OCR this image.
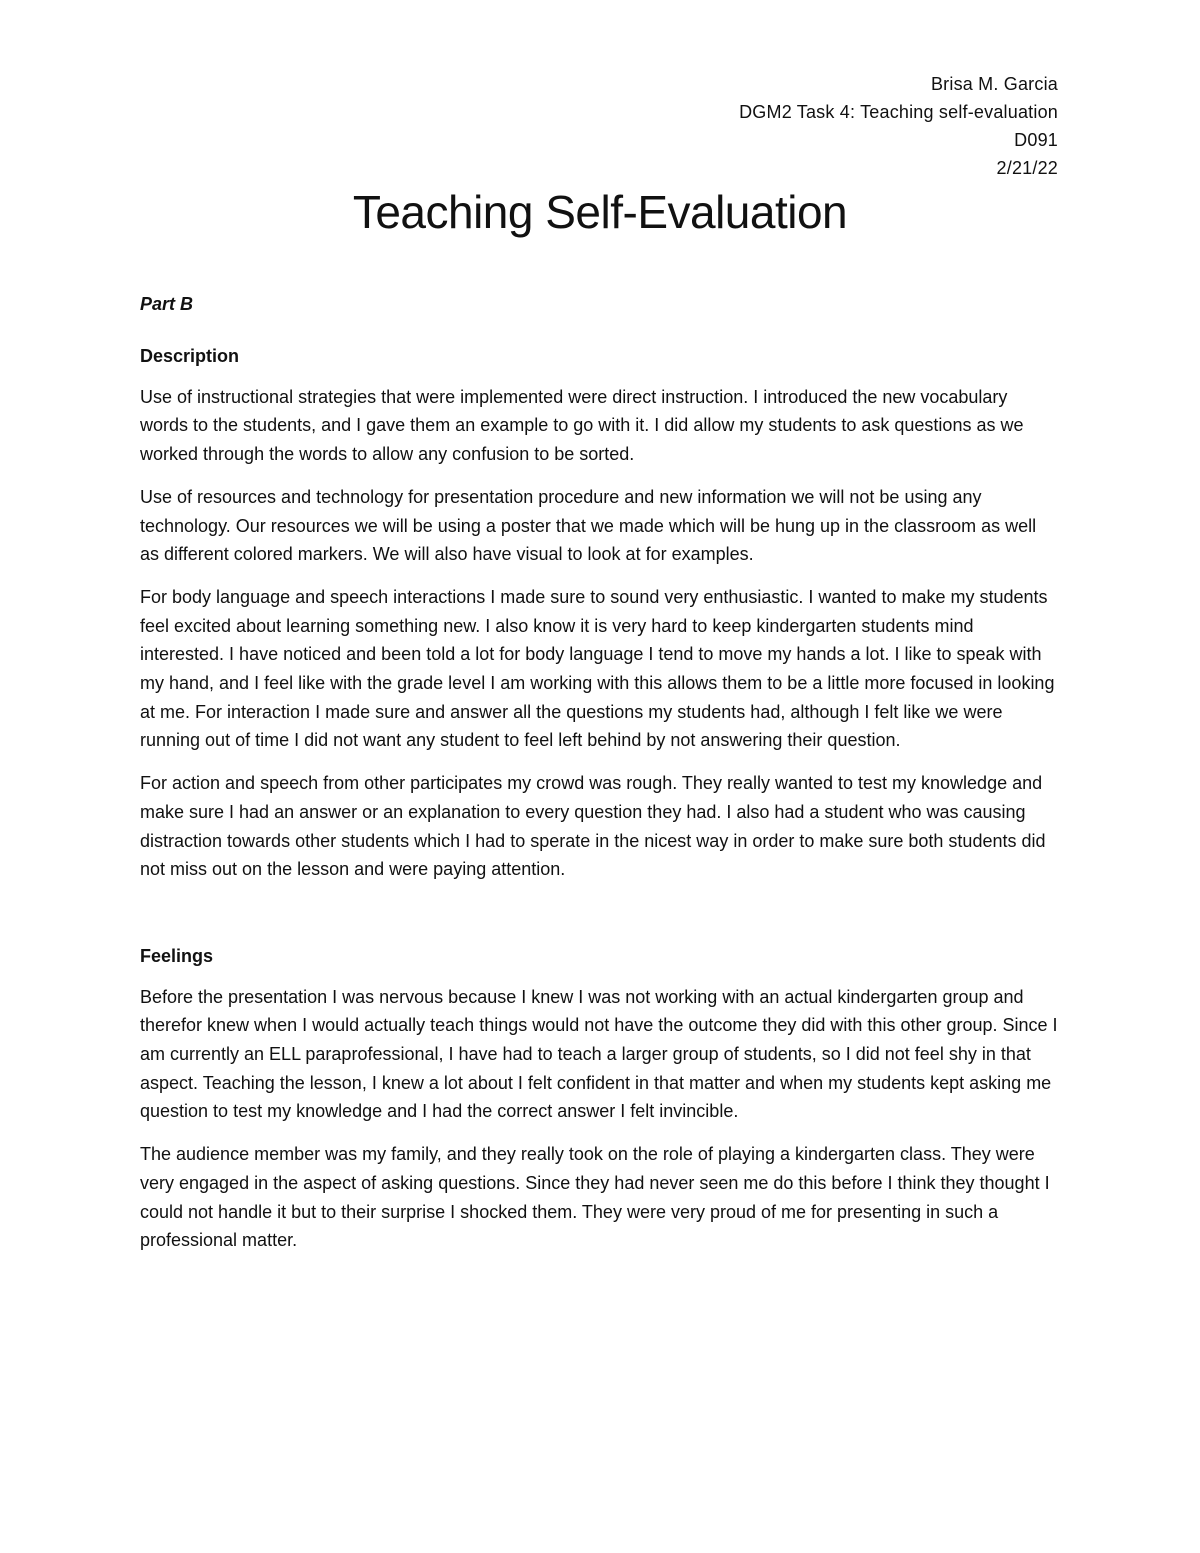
Brisa M. Garcia
DGM2 Task 4: Teaching self-evaluation
D091
2/21/22
Teaching Self-Evaluation
Part B
Description

Use of instructional strategies that were implemented were direct instruction. I introduced the new vocabulary words to the students, and I gave them an example to go with it. I did allow my students to ask questions as we worked through the words to allow any confusion to be sorted.

Use of resources and technology for presentation procedure and new information we will not be using any technology. Our resources we will be using a poster that we made which will be hung up in the classroom as well as different colored markers. We will also have visual to look at for examples.

For body language and speech interactions I made sure to sound very enthusiastic. I wanted to make my students feel excited about learning something new. I also know it is very hard to keep kindergarten students mind interested. I have noticed and been told a lot for body language I tend to move my hands a lot. I like to speak with my hand, and I feel like with the grade level I am working with this allows them to be a little more focused in looking at me. For interaction I made sure and answer all the questions my students had, although I felt like we were running out of time I did not want any student to feel left behind by not answering their question.

For action and speech from other participates my crowd was rough. They really wanted to test my knowledge and make sure I had an answer or an explanation to every question they had. I also had a student who was causing distraction towards other students which I had to sperate in the nicest way in order to make sure both students did not miss out on the lesson and were paying attention.

Feelings

Before the presentation I was nervous because I knew I was not working with an actual kindergarten group and therefor knew when I would actually teach things would not have the outcome they did with this other group. Since I am currently an ELL paraprofessional, I have had to teach a larger group of students, so I did not feel shy in that aspect. Teaching the lesson, I knew a lot about I felt confident in that matter and when my students kept asking me question to test my knowledge and I had the correct answer I felt invincible.

The audience member was my family, and they really took on the role of playing a kindergarten class. They were very engaged in the aspect of asking questions. Since they had never seen me do this before I think they thought I could not handle it but to their surprise I shocked them. They were very proud of me for presenting in such a professional matter.
